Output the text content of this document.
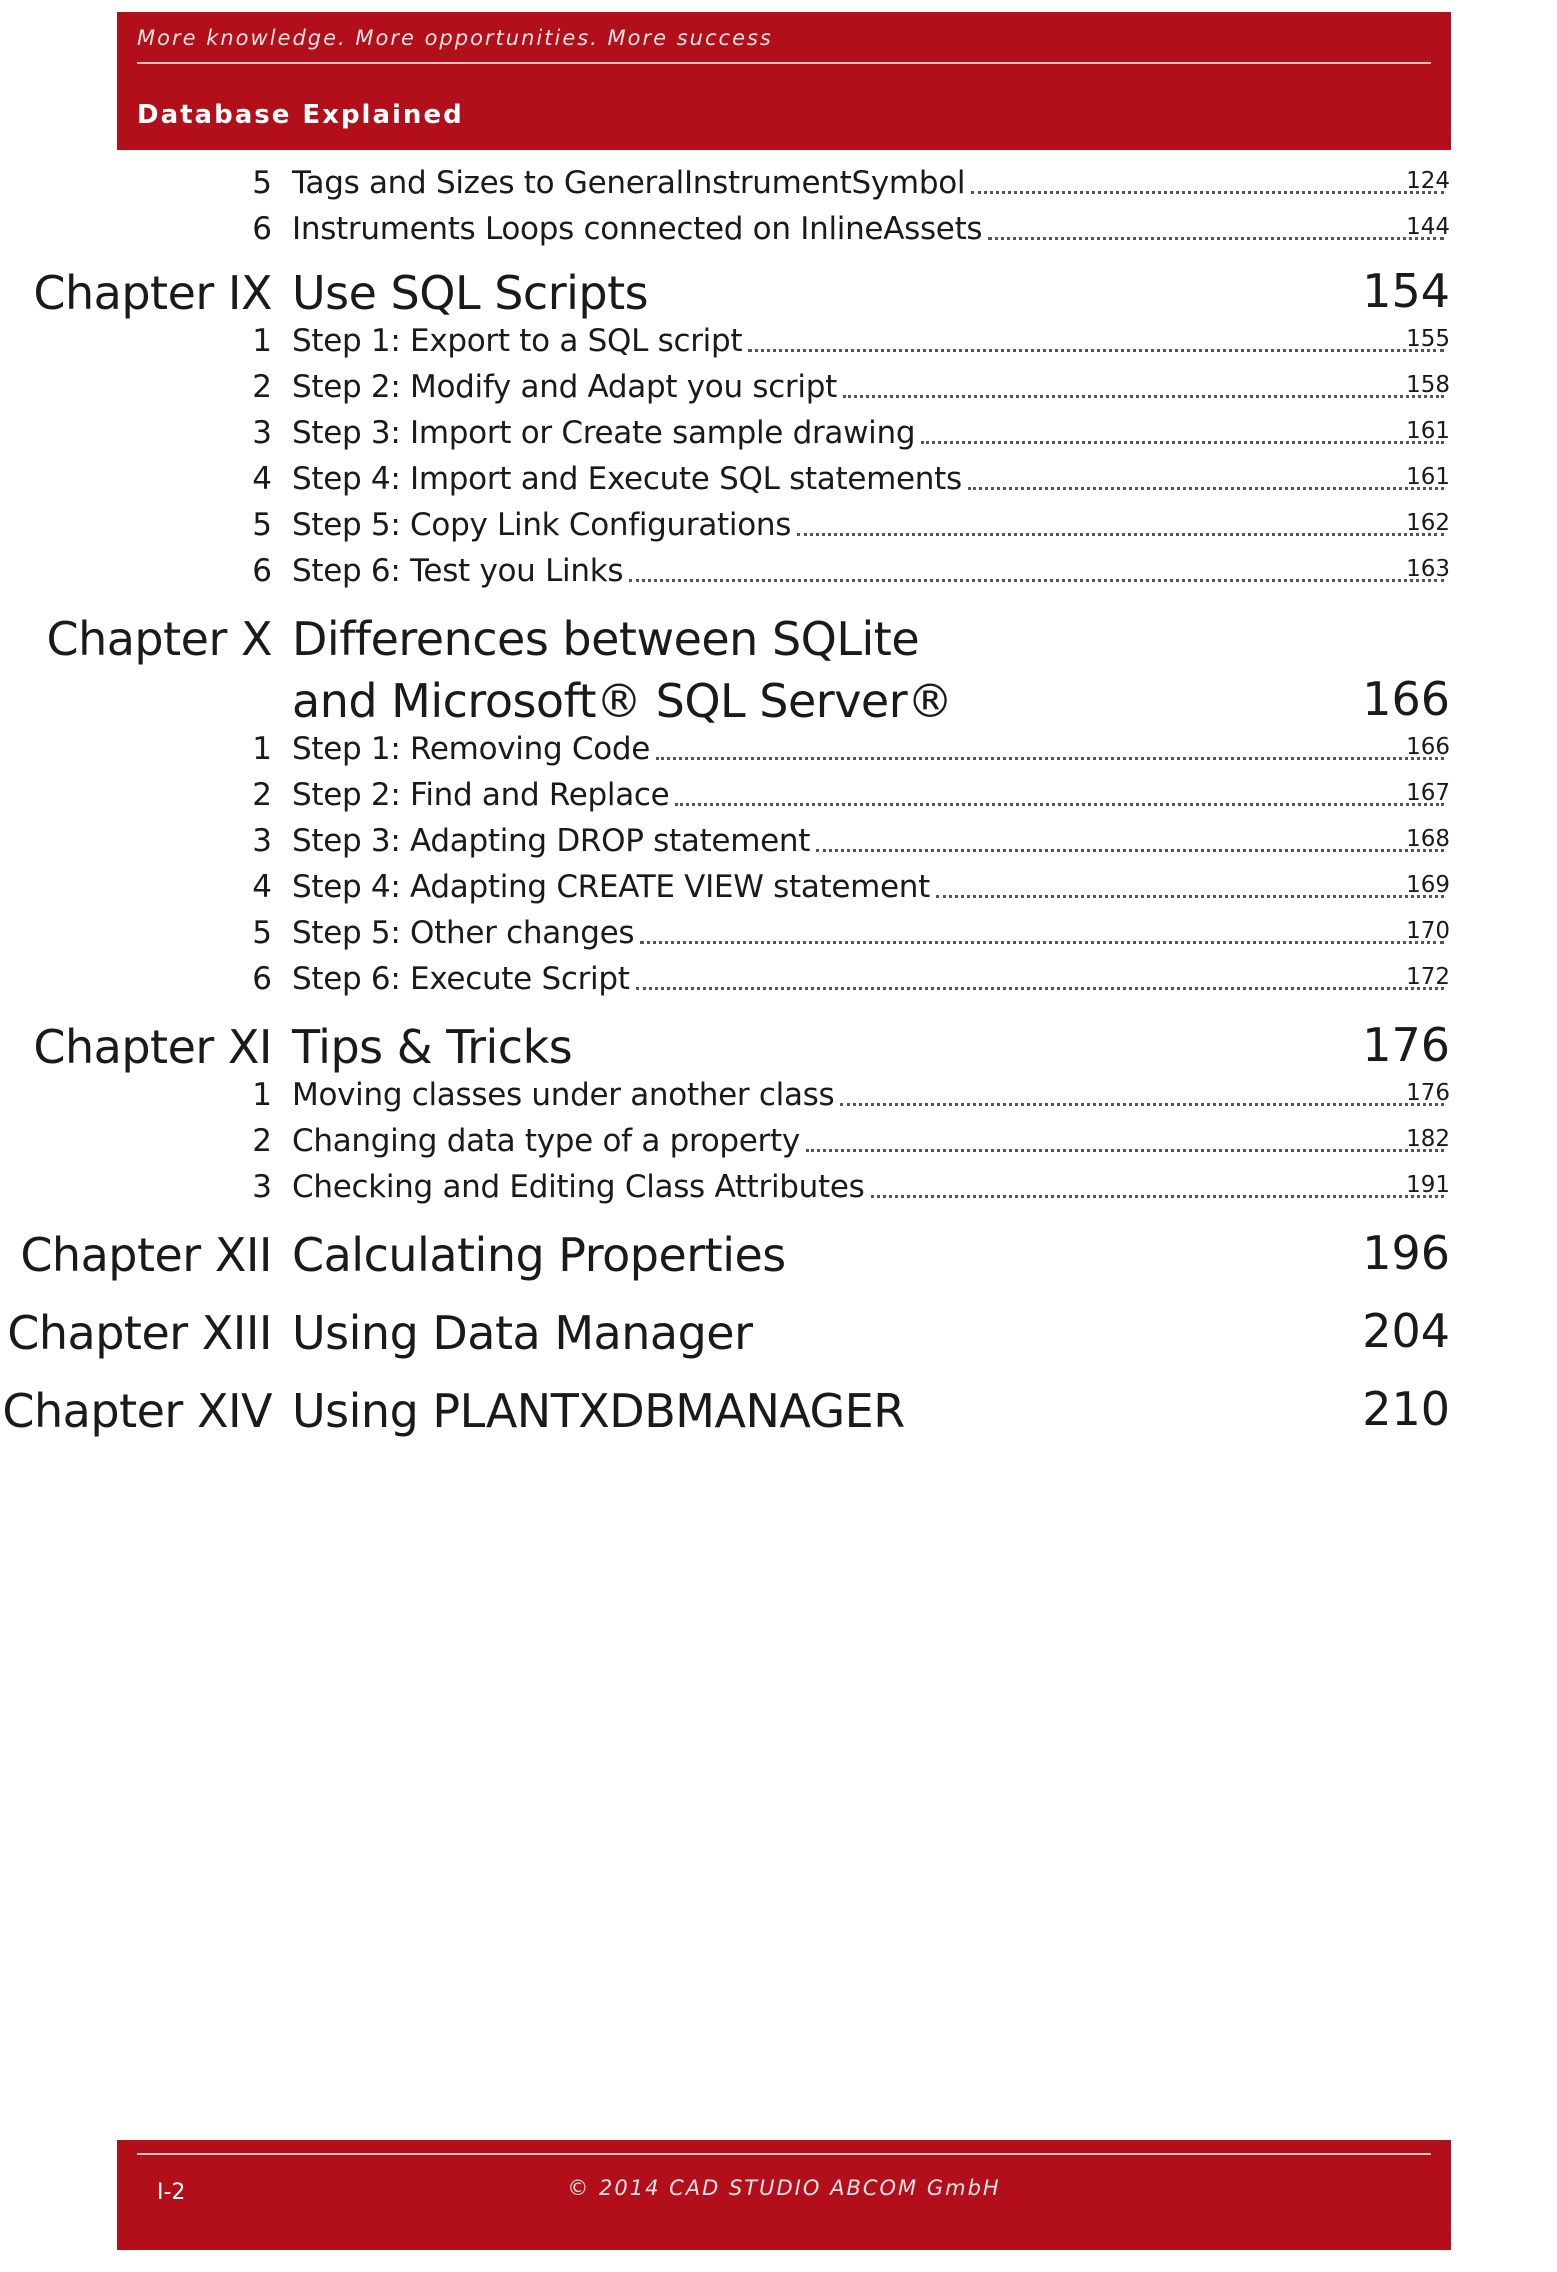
More knowledge. More opportunities. More success
Database Explained
5 Tags and Sizes to GeneralInstrumentSymbol	124
6 Instruments Loops connected on InlineAssets	144
Chapter IX Use SQL Scripts	154
1 Step 1: Export to a SQL script	155
2 Step 2: Modify and Adapt you script	158
3 Step 3: Import or Create sample drawing	161
4 Step 4: Import and Execute SQL statements	161
5 Step 5: Copy Link Configurations	162
6 Step 6: Test you Links	163
Chapter X Differences between SQLite
and Microsoft® SQL Server®	166
1 Step 1: Removing Code	166
2 Step 2: Find and Replace	167
3 Step 3: Adapting DROP statement	168
4 Step 4: Adapting CREATE VIEW statement	169
5 Step 5: Other changes	170
6 Step 6: Execute Script	172
Chapter XI Tips & Tricks	176
1 Moving classes under another class	176
2 Changing data type of a property	182
3 Checking and Editing Class Attributes	191
Chapter XII Calculating Properties	196
Chapter XIII Using Data Manager	204
Chapter XIV Using PLANTXDBMANAGER	210
I-2	© 2014 CAD STUDIO ABCOM GmbH
